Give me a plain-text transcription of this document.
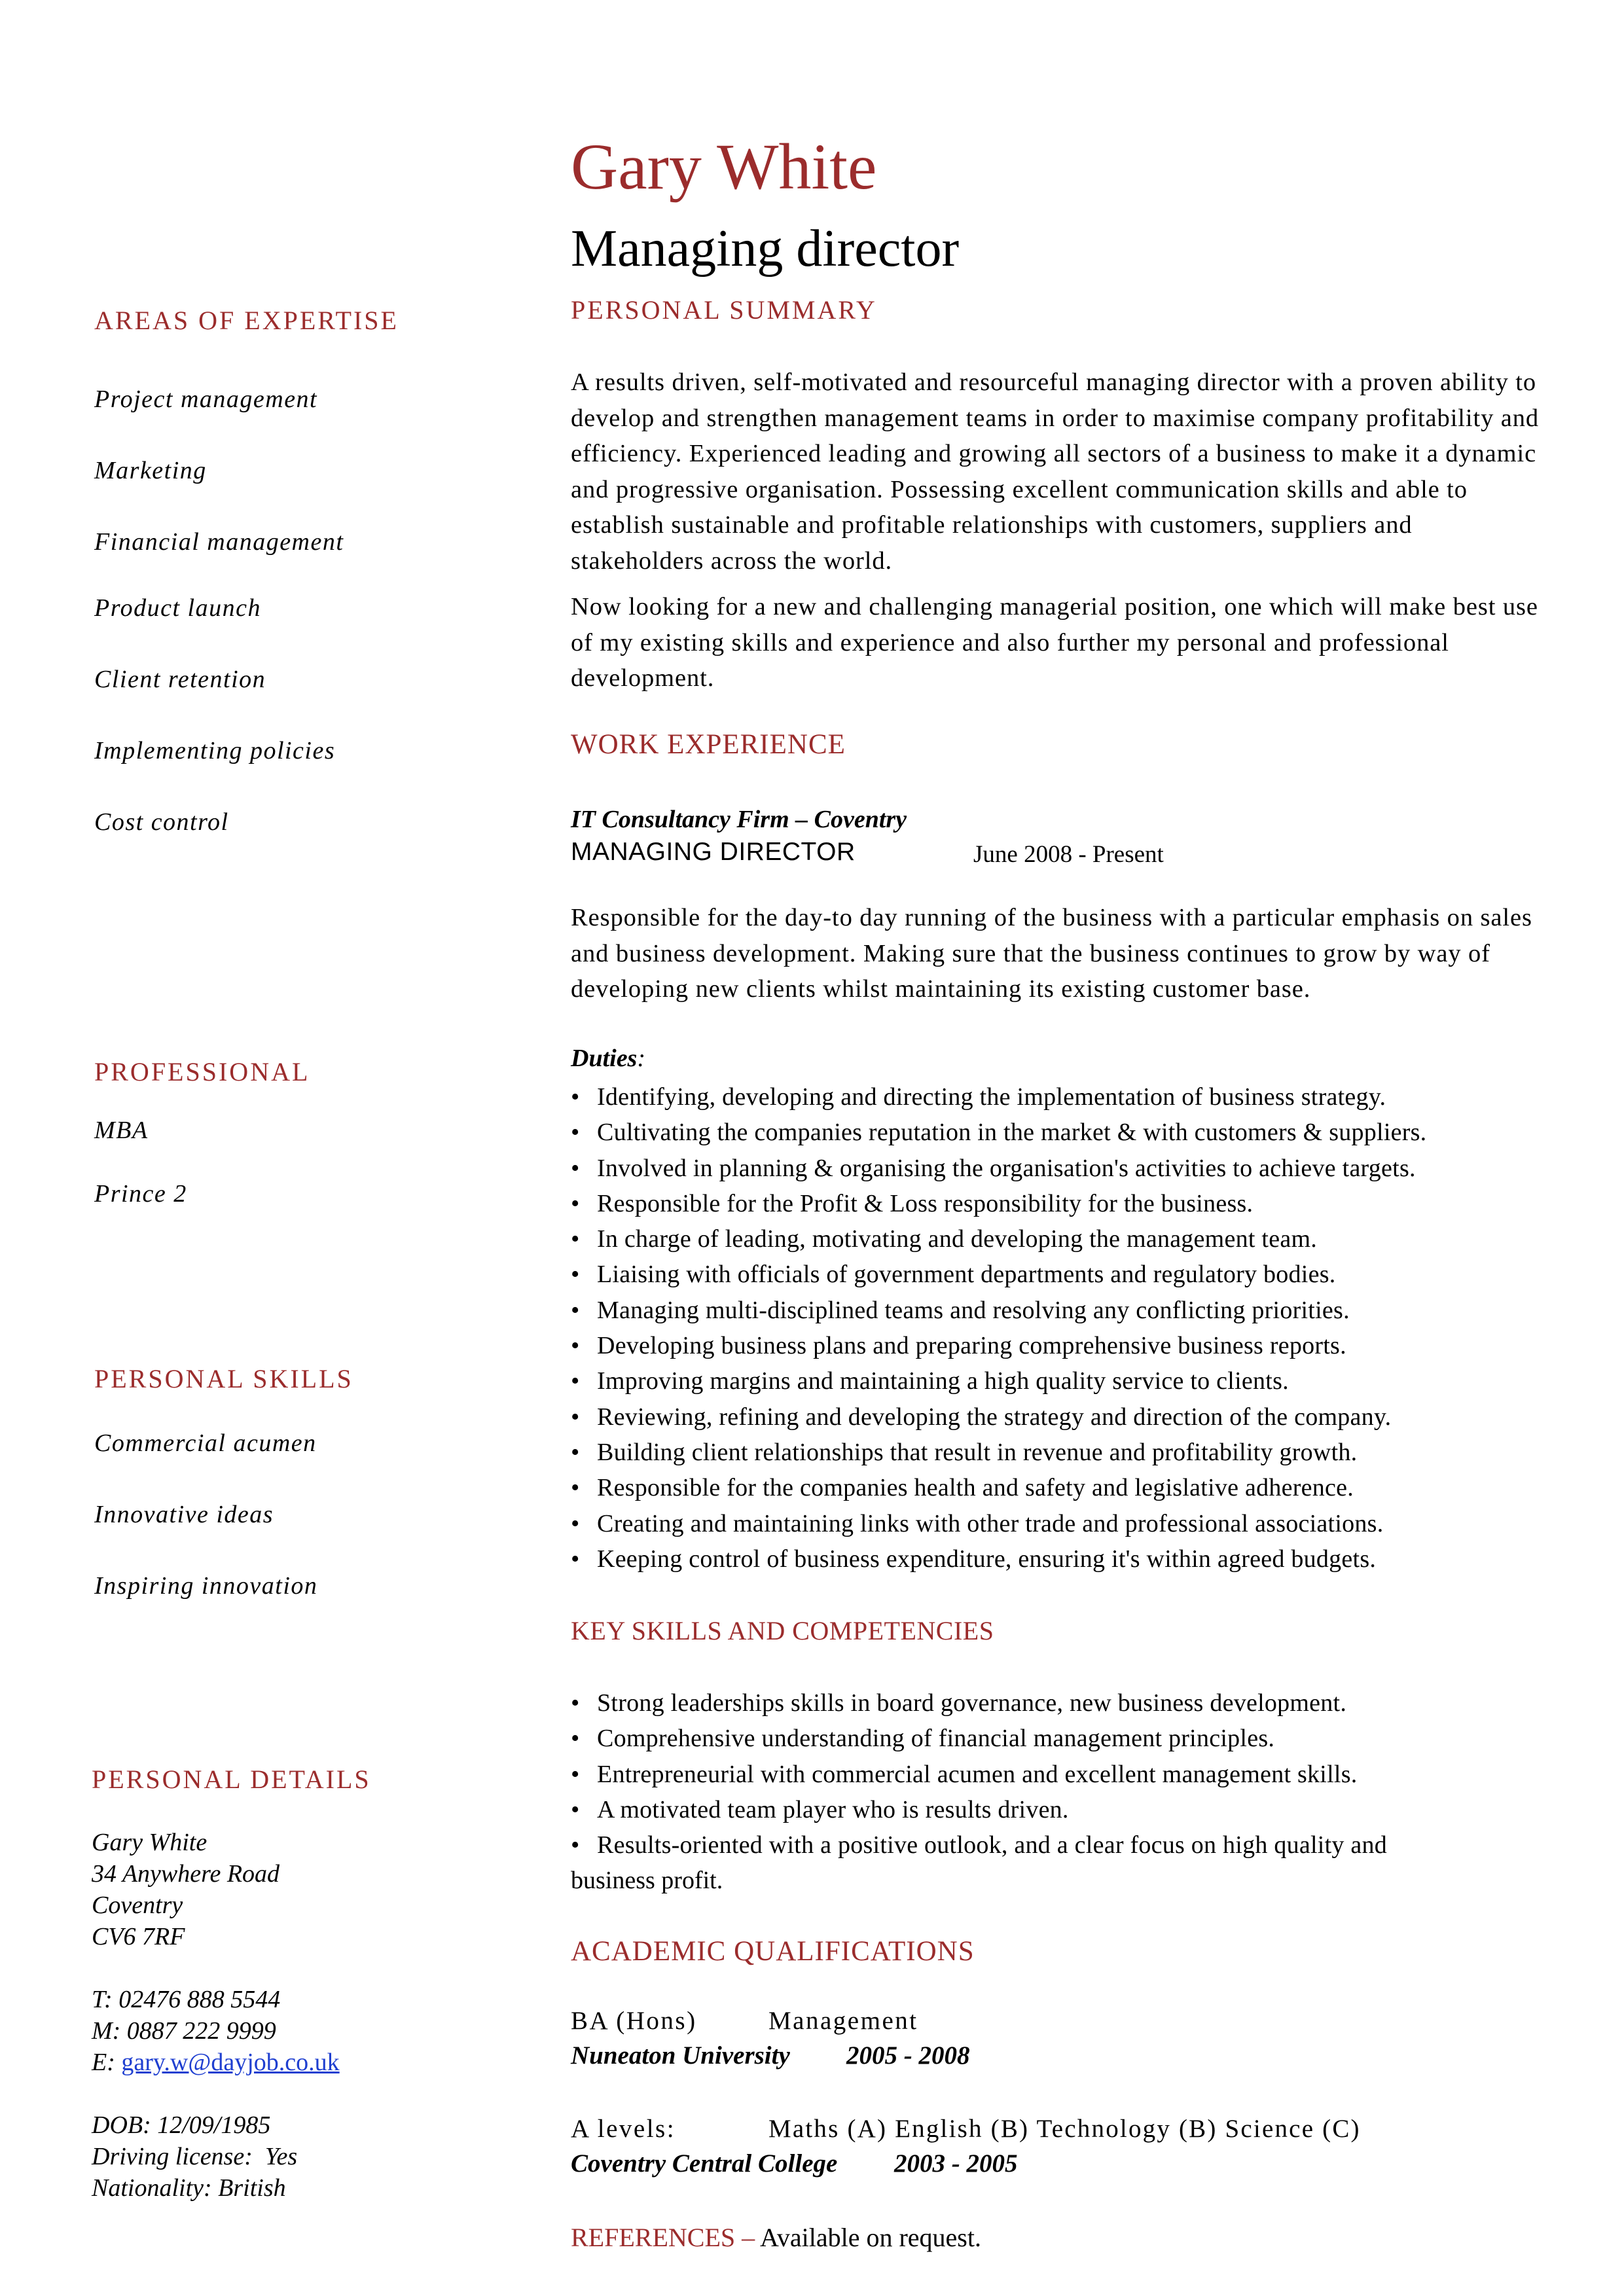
Gary White
Managing director
AREAS OF EXPERTISE
Project management
Marketing
Financial management
Product launch
Client retention
Implementing policies
Cost control
PROFESSIONAL
MBA
Prince 2
PERSONAL SKILLS
Commercial acumen
Innovative ideas
Inspiring innovation
PERSONAL DETAILS
Gary White
34 Anywhere Road
Coventry
CV6 7RF
T: 02476 888 5544
M: 0887 222 9999
E: gary.w@dayjob.co.uk
DOB: 12/09/1985
Driving license:  Yes
Nationality: British
PERSONAL SUMMARY
A results driven, self-motivated and resourceful managing director with a proven ability to develop and strengthen management teams in order to maximise company profitability and efficiency. Experienced leading and growing all sectors of a business to make it a dynamic and progressive organisation. Possessing excellent communication skills and able to establish sustainable and profitable relationships with customers, suppliers and stakeholders across the world.
Now looking for a new and challenging managerial position, one which will make best use of my existing skills and experience and also further my personal and professional development.
WORK EXPERIENCE
IT Consultancy Firm – Coventry
MANAGING DIRECTOR	June 2008 - Present
Responsible for the day-to day running of the business with a particular emphasis on sales and business development. Making sure that the business continues to grow by way of developing new clients whilst maintaining its existing customer base.
Duties:
• Identifying, developing and directing the implementation of business strategy.
• Cultivating the companies reputation in the market & with customers & suppliers.
• Involved in planning & organising the organisation's activities to achieve targets.
• Responsible for the Profit & Loss responsibility for the business.
• In charge of leading, motivating and developing the management team.
• Liaising with officials of government departments and regulatory bodies.
• Managing multi-disciplined teams and resolving any conflicting priorities.
• Developing business plans and preparing comprehensive business reports.
• Improving margins and maintaining a high quality service to clients.
• Reviewing, refining and developing the strategy and direction of the company.
• Building client relationships that result in revenue and profitability growth.
• Responsible for the companies health and safety and legislative adherence.
• Creating and maintaining links with other trade and professional associations.
• Keeping control of business expenditure, ensuring it's within agreed budgets.
KEY SKILLS AND COMPETENCIES
• Strong leaderships skills in board governance, new business development.
• Comprehensive understanding of financial management principles.
• Entrepreneurial with commercial acumen and excellent management skills.
• A motivated team player who is results driven.
• Results-oriented with a positive outlook, and a clear focus on high quality and
business profit.
ACADEMIC QUALIFICATIONS
BA (Hons)	Management
Nuneaton University 2005 - 2008
A levels:	Maths (A) English (B) Technology (B) Science (C)
Coventry Central College 2003 - 2005
REFERENCES – Available on request.
